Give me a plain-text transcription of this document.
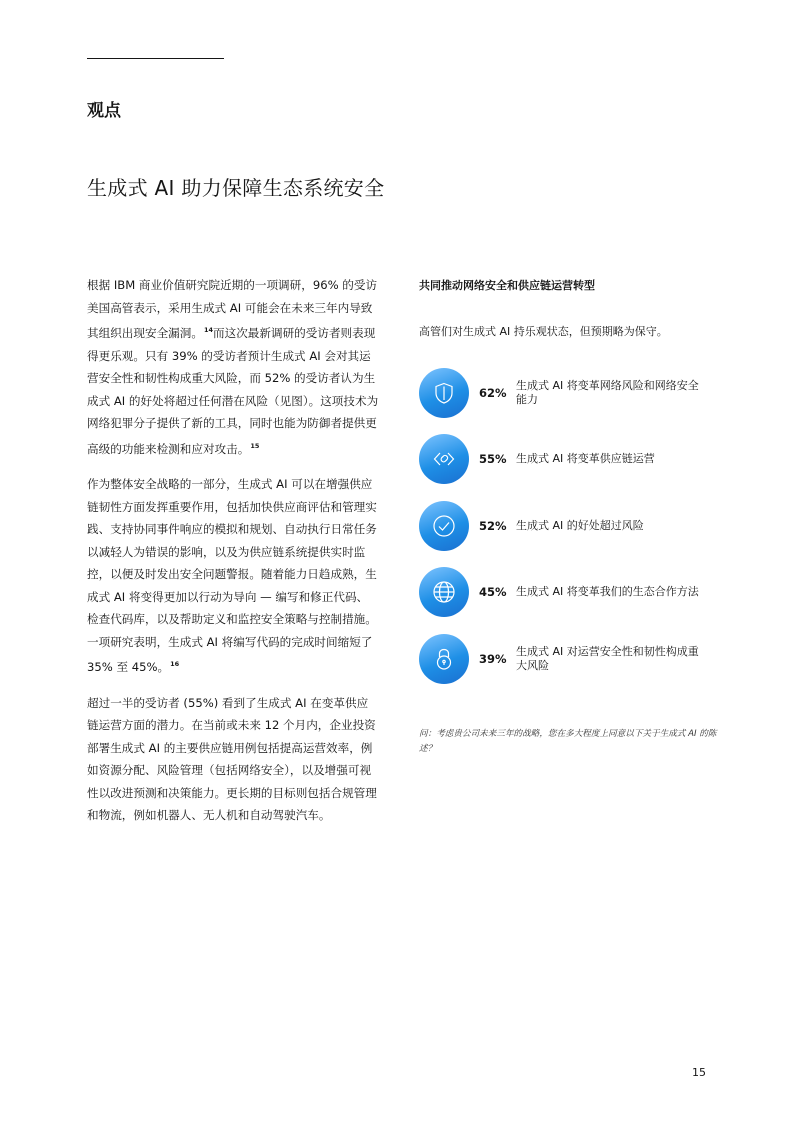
观点
生成式 AI 助力保障生态系统安全

根据 IBM 商业价值研究院近期的一项调研，96% 的受访美国高管表示，采用生成式 AI 可能会在未来三年内导致其组织出现安全漏洞。$^{14}$而这次最新调研的受访者则表现得更乐观。只有 39% 的受访者预计生成式 AI 会对其运营安全性和韧性构成重大风险，而 52% 的受访者认为生成式 AI 的好处将超过任何潜在风险（见图）。这项技术为网络犯罪分子提供了新的工具，同时也能为防御者提供更高级的功能来检测和应对攻击。$^{15}$

作为整体安全战略的一部分，生成式 AI 可以在增强供应链韧性方面发挥重要作用，包括加快供应商评估和管理实践、支持协同事件响应的模拟和规划、自动执行日常任务以减轻人为错误的影响，以及为供应链系统提供实时监控，以便及时发出安全问题警报。随着能力日趋成熟，生成式 AI 将变得更加以行动为导向 — 编写和修正代码、检查代码库，以及帮助定义和监控安全策略与控制措施。一项研究表明，生成式 AI 将编写代码的完成时间缩短了 35% 至 45%。$^{16}$

超过一半的受访者 (55%) 看到了生成式 AI 在变革供应链运营方面的潜力。在当前或未来 12 个月内，企业投资部署生成式 AI 的主要供应链用例包括提高运营效率，例如资源分配、风险管理（包括网络安全），以及增强可视性以改进预测和决策能力。更长期的目标则包括合规管理和物流，例如机器人、无人机和自动驾驶汽车。

共同推动网络安全和供应链运营转型

高管们对生成式 AI 持乐观状态，但预期略为保守。

62%
生成式 AI 将变革网络风险和网络安全能力
55% 生成式 AI 将变革供应链运营
52% 生成式 AI 的好处超过风险
45% 生成式 AI 将变革我们的生态合作方法
39%
生成式 AI 对运营安全性和韧性构成重大风险

问：考虑贵公司未来三年的战略，您在多大程度上同意以下关于生成式 AI 的陈述？

15
